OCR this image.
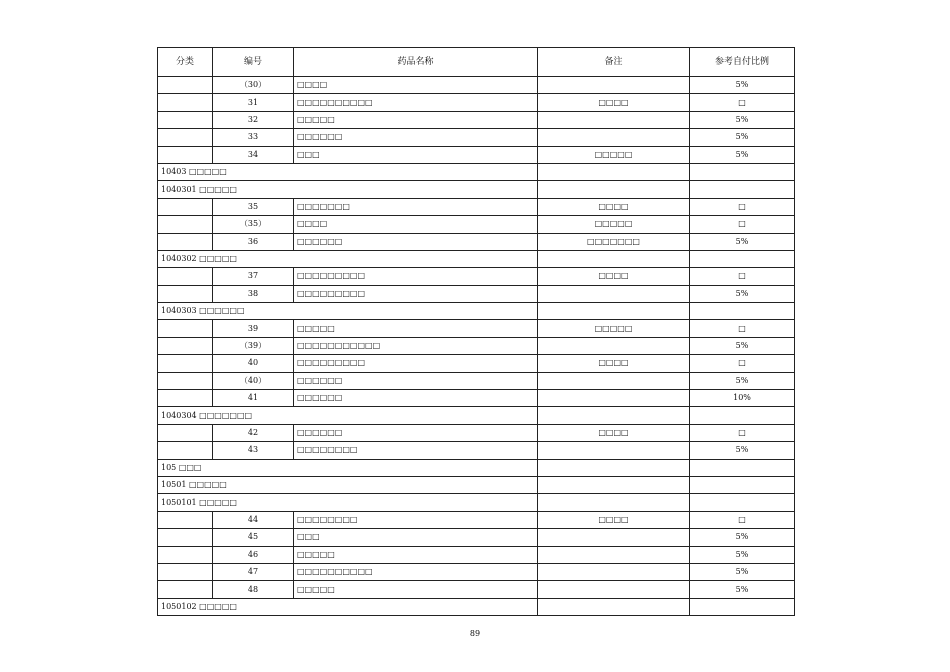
分类	编号	药品名称	备注	参考自付比例
	（30）	□□□□		5%
	31	□□□□□□□□□□	□□□□	□
	32	□□□□□		5%
	33	□□□□□□		5%
	34	□□□	□□□□□	5%
10403 □□□□□				
1040301 □□□□□				
	35	□□□□□□□	□□□□	□
	（35）	□□□□	□□□□□	□
	36	□□□□□□	□□□□□□□	5%
1040302 □□□□□				
	37	□□□□□□□□□	□□□□	□
	38	□□□□□□□□□		5%
1040303 □□□□□□				
	39	□□□□□	□□□□□	□
	（39）	□□□□□□□□□□□		5%
	40	□□□□□□□□□	□□□□	□
	（40）	□□□□□□		5%
	41	□□□□□□		10%
1040304 □□□□□□□				
	42	□□□□□□	□□□□	□
	43	□□□□□□□□		5%
105 □□□				
10501 □□□□□				
1050101 □□□□□				
	44	□□□□□□□□	□□□□	□
	45	□□□		5%
	46	□□□□□		5%
	47	□□□□□□□□□□		5%
	48	□□□□□		5%
1050102 □□□□□				
89
